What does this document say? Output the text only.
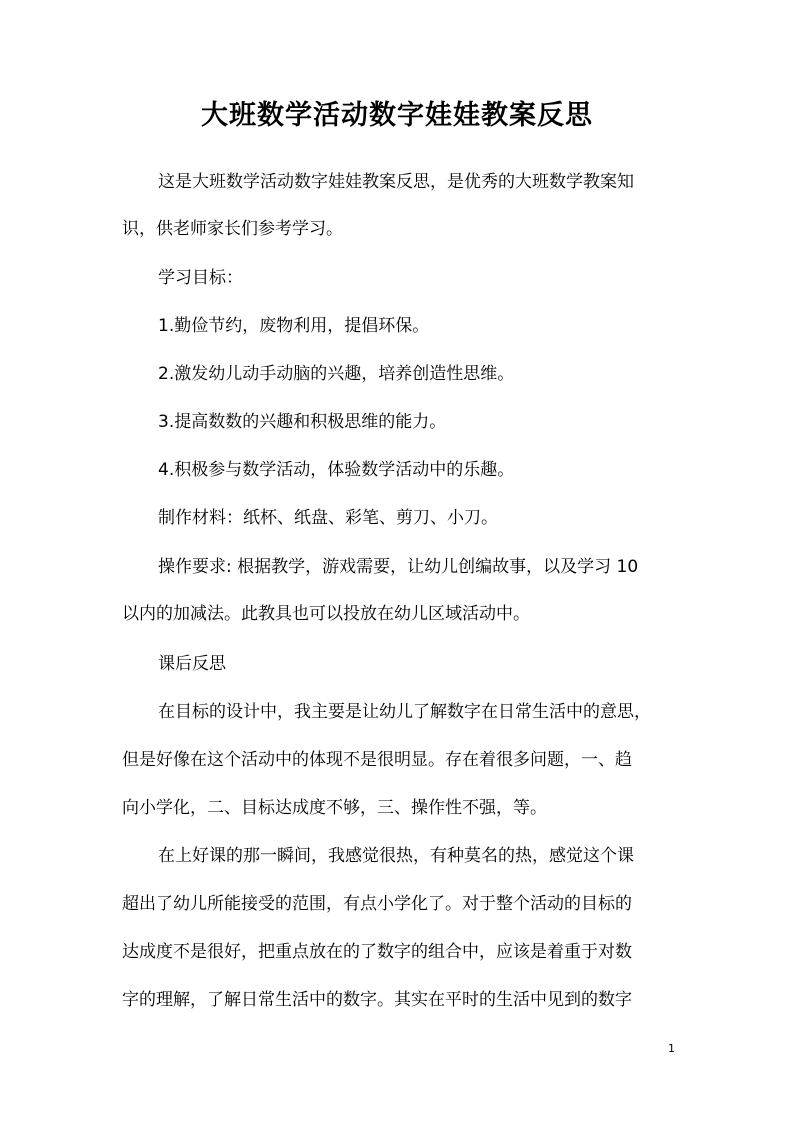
大班数学活动数字娃娃教案反思
这是大班数学活动数字娃娃教案反思，是优秀的大班数学教案知
识，供老师家长们参考学习。
学习目标：
1.勤俭节约，废物利用，提倡环保。
2.激发幼儿动手动脑的兴趣，培养创造性思维。
3.提高数数的兴趣和积极思维的能力。
4.积极参与数学活动，体验数学活动中的乐趣。
制作材料：纸杯、纸盘、彩笔、剪刀、小刀。
操作要求: 根据教学，游戏需要，让幼儿创编故事，以及学习 10
以内的加减法。此教具也可以投放在幼儿区域活动中。
课后反思
在目标的设计中，我主要是让幼儿了解数字在日常生活中的意思，
但是好像在这个活动中的体现不是很明显。存在着很多问题，一、趋
向小学化，二、目标达成度不够，三、操作性不强，等。
在上好课的那一瞬间，我感觉很热，有种莫名的热，感觉这个课
超出了幼儿所能接受的范围，有点小学化了。对于整个活动的目标的
达成度不是很好，把重点放在的了数字的组合中，应该是着重于对数
字的理解，了解日常生活中的数字。其实在平时的生活中见到的数字
1
